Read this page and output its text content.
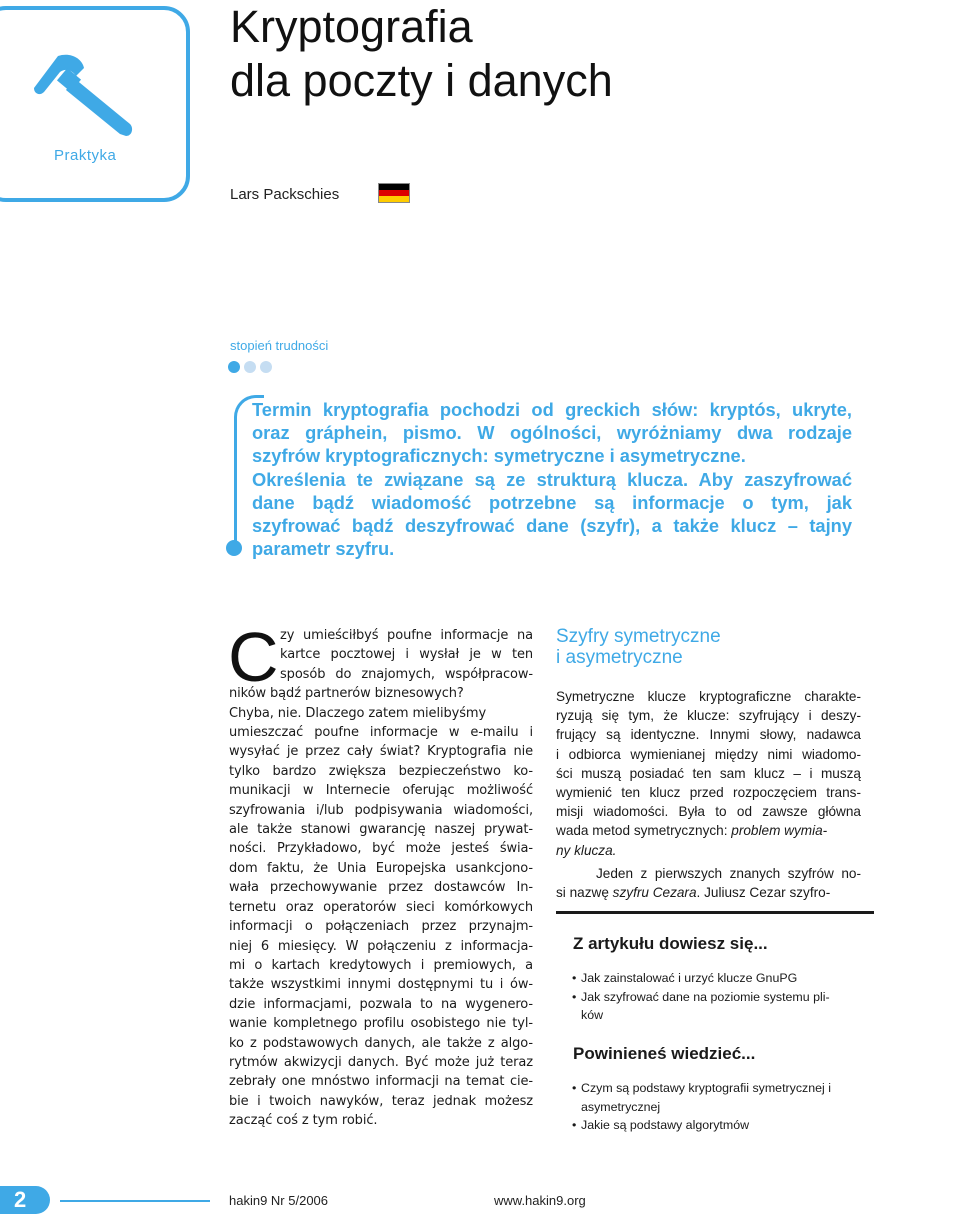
Praktyka
Kryptografia
dla poczty i danych
Lars Packschies
stopień trudności

Termin kryptografia pochodzi od greckich słów: kryptós, ukryte,
oraz gráphein, pismo. W ogólności, wyróżniamy dwa rodzaje
szyfrów kryptograficznych: symetryczne i asymetryczne.
Określenia te związane są ze strukturą klucza. Aby zaszyfrować
dane bądź wiadomość potrzebne są informacje o tym, jak
szyfrować bądź deszyfrować dane (szyfr), a także klucz – tajny
parametr szyfru.

C zy umieściłbyś poufne informacje na
kartce pocztowej i wysłał je w ten
sposób do znajomych, współpracow-
ników bądź partnerów biznesowych?
Chyba, nie. Dlaczego zatem mielibyśmy
umieszczać poufne informacje w e-mailu i
wysyłać je przez cały świat? Kryptografia nie
tylko bardzo zwiększa bezpieczeństwo ko-
munikacji w Internecie oferując możliwość
szyfrowania i/lub podpisywania wiadomości,
ale także stanowi gwarancję naszej prywat-
ności. Przykładowo, być może jesteś świa-
dom faktu, że Unia Europejska usankcjono-
wała przechowywanie przez dostawców In-
ternetu oraz operatorów sieci komórkowych
informacji o połączeniach przez przynajm-
niej 6 miesięcy. W połączeniu z informacja-
mi o kartach kredytowych i premiowych, a
także wszystkimi innymi dostępnymi tu i ów-
dzie informacjami, pozwala to na wygenero-
wanie kompletnego profilu osobistego nie tyl-
ko z podstawowych danych, ale także z algo-
rytmów akwizycji danych. Być może już teraz
zebrały one mnóstwo informacji na temat cie-
bie i twoich nawyków, teraz jednak możesz
zacząć coś z tym robić.

Szyfry symetryczne
i asymetryczne

Symetryczne klucze kryptograficzne charakte-
ryzują się tym, że klucze: szyfrujący i deszy-
frujący są identyczne. Innymi słowy, nadawca
i odbiorca wymienianej między nimi wiadomo-
ści muszą posiadać ten sam klucz – i muszą
wymienić ten klucz przed rozpoczęciem trans-
misji wiadomości. Była to od zawsze główna
wada metod symetrycznych: problem wymia-
ny klucza.
Jeden z pierwszych znanych szyfrów no-
si nazwę szyfru Cezara. Juliusz Cezar szyfro-

Z artykułu dowiesz się...
• Jak zainstalować i urzyć klucze GnuPG
• Jak szyfrować dane na poziomie systemu pli-
ków
Powinieneś wiedzieć...
• Czym są podstawy kryptografii symetrycznej i
asymetrycznej
• Jakie są podstawy algorytmów
2	hakin9 Nr 5/2006	www.hakin9.org
